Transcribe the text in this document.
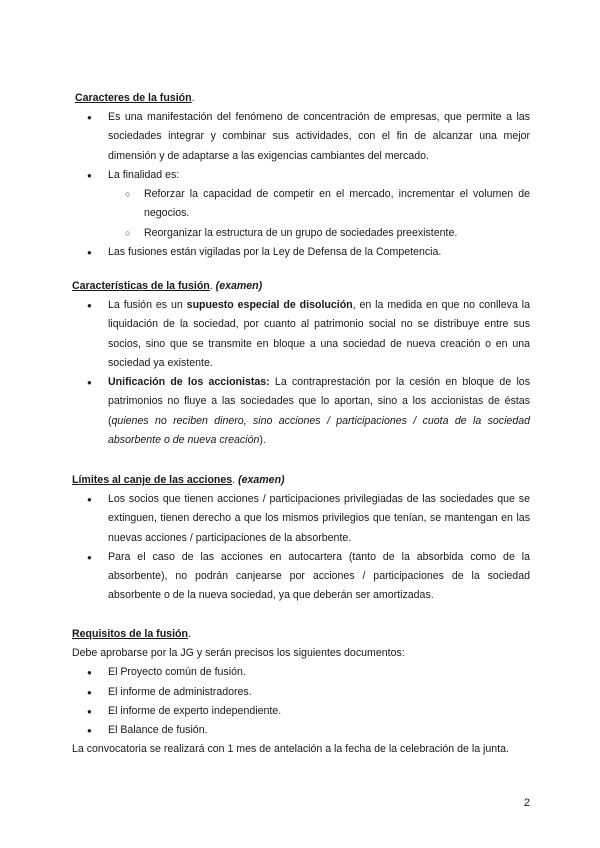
Caracteres de la fusión.
● Es una manifestación del fenómeno de concentración de empresas, que permite a las sociedades integrar y combinar sus actividades, con el fin de alcanzar una mejor dimensión y de adaptarse a las exigencias cambiantes del mercado.
● La finalidad es:
○ Reforzar la capacidad de competir en el mercado, incrementar el volumen de negocios.
○ Reorganizar la estructura de un grupo de sociedades preexistente.
● Las fusiones están vigiladas por la Ley de Defensa de la Competencia.
Características de la fusión. (examen)
● La fusión es un supuesto especial de disolución, en la medida en que no conlleva la liquidación de la sociedad, por cuanto al patrimonio social no se distribuye entre sus socios, sino que se transmite en bloque a una sociedad de nueva creación o en una sociedad ya existente.
● Unificación de los accionistas: La contraprestación por la cesión en bloque de los patrimonios no fluye a las sociedades que lo aportan, sino a los accionistas de éstas (quienes no reciben dinero, sino acciones / participaciones / cuota de la sociedad absorbente o de nueva creación).
Límites al canje de las acciones. (examen)
● Los socios que tienen acciones / participaciones privilegiadas de las sociedades que se extinguen, tienen derecho a que los mismos privilegios que tenían, se mantengan en las nuevas acciones / participaciones de la absorbente.
● Para el caso de las acciones en autocartera (tanto de la absorbida como de la absorbente), no podrán canjearse por acciones / participaciones de la sociedad absorbente o de la nueva sociedad, ya que deberán ser amortizadas.
Requisitos de la fusión.

Debe aprobarse por la JG y serán precisos los siguientes documentos:

● El Proyecto común de fusión.
● El informe de administradores.
● El informe de experto independiente.
● El Balance de fusión.

La convocatoria se realizará con 1 mes de antelación a la fecha de la celebración de la junta.

2
